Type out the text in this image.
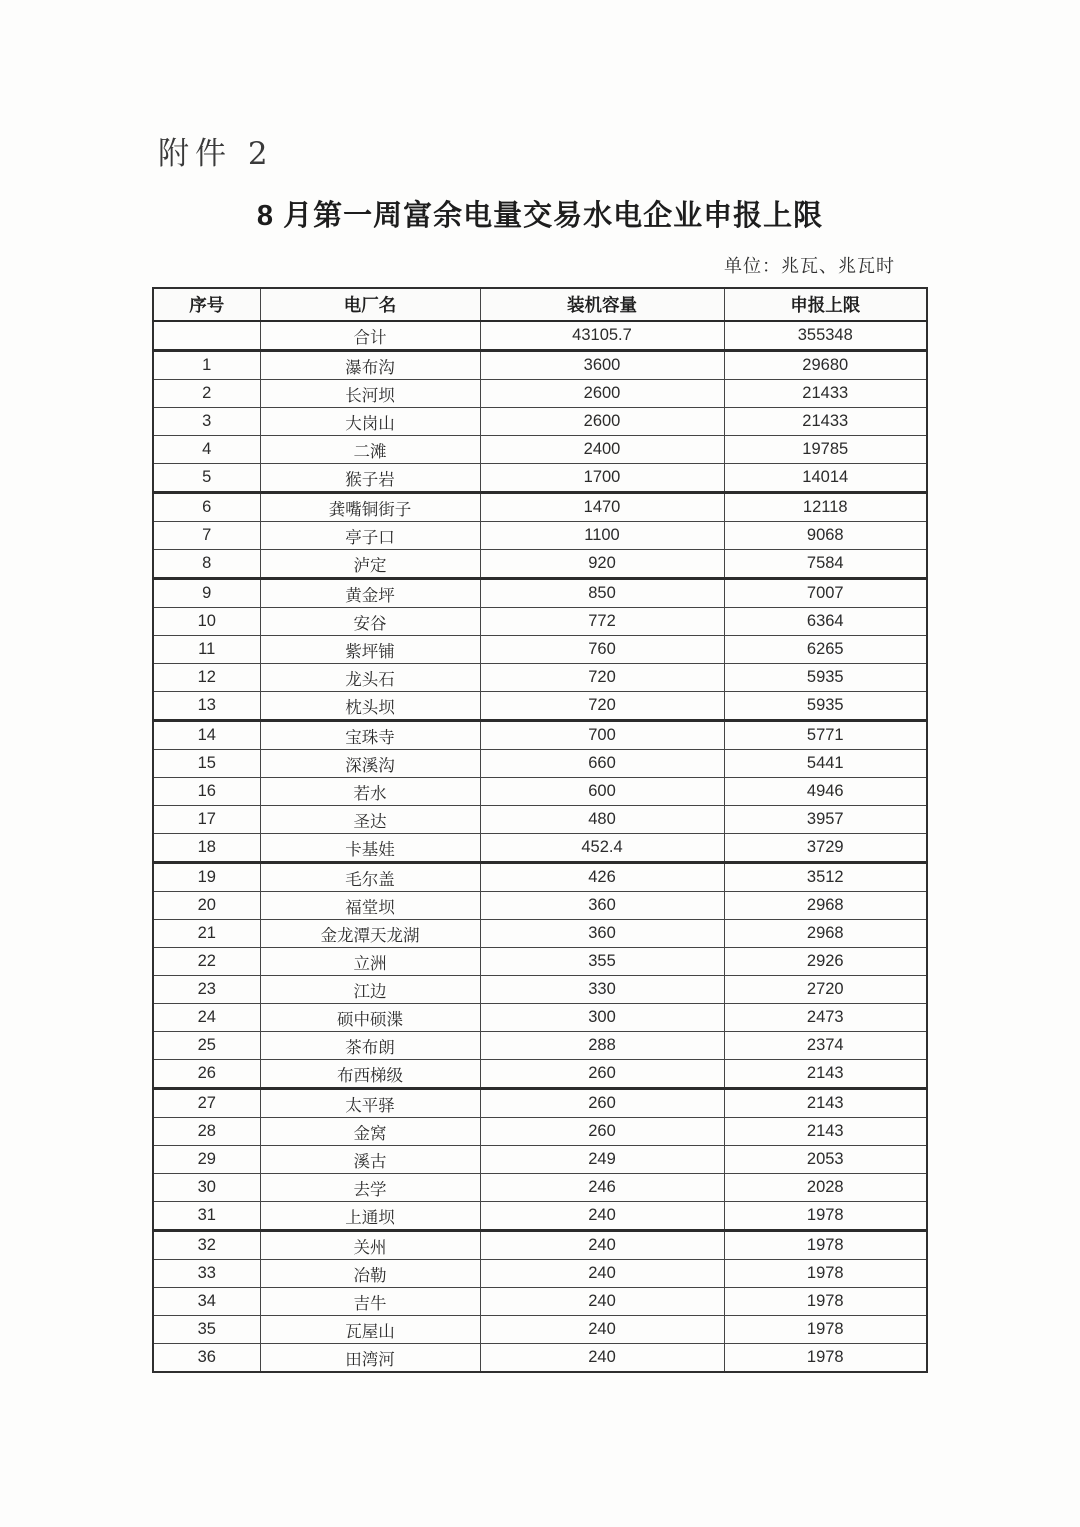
附件 2
8 月第一周富余电量交易水电企业申报上限
单位：兆瓦、兆瓦时
序号	电厂名	装机容量	申报上限
	合计	43105.7	355348
1	瀑布沟	3600	29680
2	长河坝	2600	21433
3	大岗山	2600	21433
4	二滩	2400	19785
5	猴子岩	1700	14014
6	龚嘴铜街子	1470	12118
7	亭子口	1100	9068
8	泸定	920	7584
9	黄金坪	850	7007
10	安谷	772	6364
11	紫坪铺	760	6265
12	龙头石	720	5935
13	枕头坝	720	5935
14	宝珠寺	700	5771
15	深溪沟	660	5441
16	若水	600	4946
17	圣达	480	3957
18	卡基娃	452.4	3729
19	毛尔盖	426	3512
20	福堂坝	360	2968
21	金龙潭天龙湖	360	2968
22	立洲	355	2926
23	江边	330	2720
24	硕中硕渫	300	2473
25	茶布朗	288	2374
26	布西梯级	260	2143
27	太平驿	260	2143
28	金窝	260	2143
29	溪古	249	2053
30	去学	246	2028
31	上通坝	240	1978
32	关州	240	1978
33	冶勒	240	1978
34	吉牛	240	1978
35	瓦屋山	240	1978
36	田湾河	240	1978
